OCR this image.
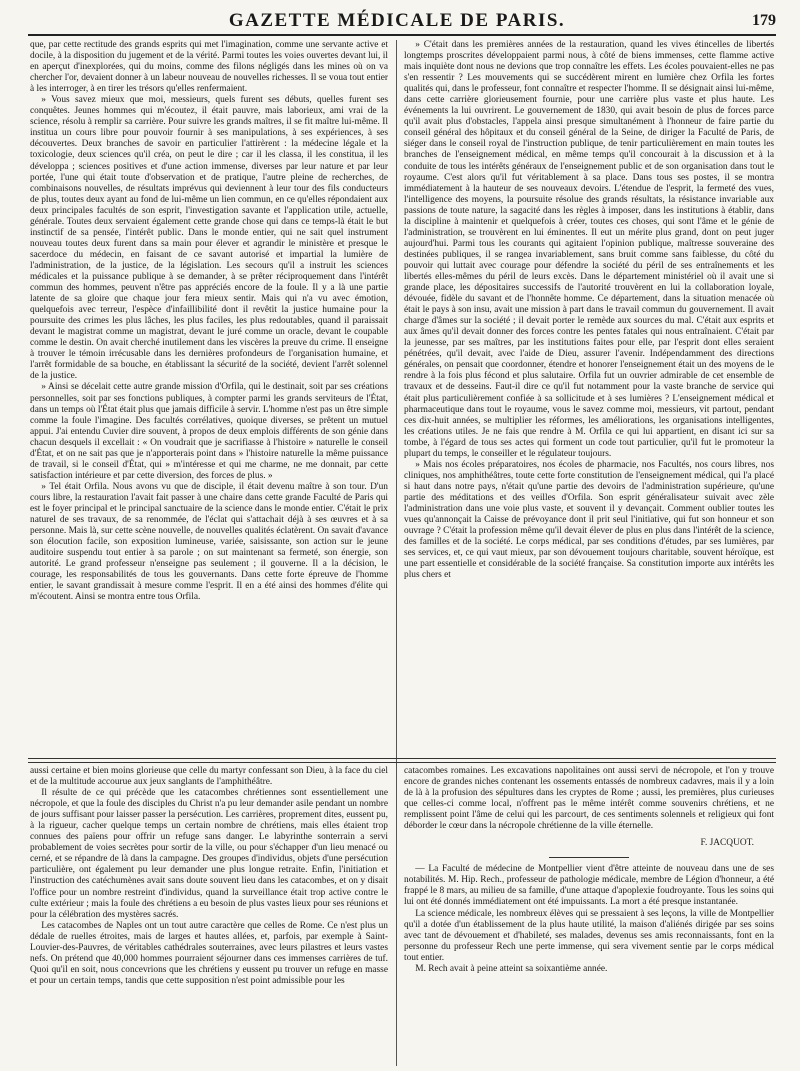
GAZETTE MÉDICALE DE PARIS.	179

que, par cette rectitude des grands esprits qui met l'imagination, comme une servante active et docile, à la disposition du jugement et de la vérité. Parmi toutes les voies ouvertes devant lui, il en aperçut d'inexplorées, qui du moins, comme des filons négligés dans les mines où on va chercher l'or, devaient donner à un labeur nouveau de nouvelles richesses. Il se voua tout entier à les interroger, à en tirer les trésors qu'elles renfermaient.

» Vous savez mieux que moi, messieurs, quels furent ses débuts, quelles furent ses conquêtes. Jeunes hommes qui m'écoutez, il était pauvre, mais laborieux, ami vrai de la science, résolu à remplir sa carrière. Pour suivre les grands maîtres, il se fit maître lui-même. Il institua un cours libre pour pouvoir fournir à ses manipulations, à ses expériences, à ses découvertes. Deux branches de savoir en particulier l'attirèrent : la médecine légale et la toxicologie, deux sciences qu'il créa, on peut le dire ; car il les classa, il les constitua, il les développa ; sciences positives et d'une action immense, diverses par leur nature et par leur portée, l'une qui était toute d'observation et de pratique, l'autre pleine de recherches, de combinaisons nouvelles, de résultats imprévus qui deviennent à leur tour des fils conducteurs de plus, toutes deux ayant au fond de lui-même un lien commun, en ce qu'elles répondaient aux deux principales facultés de son esprit, l'investigation savante et l'application utile, actuelle, générale. Toutes deux servaient également cette grande chose qui dans ce temps-là était le but instinctif de sa pensée, l'intérêt public. Dans le monde entier, qui ne sait quel instrument nouveau toutes deux furent dans sa main pour élever et agrandir le ministère et presque le sacerdoce du médecin, en faisant de ce savant autorisé et impartial la lumière de l'administration, de la justice, de la législation. Les secours qu'il a instruit les sciences médicales et la puissance publique à se demander, à se prêter réciproquement dans l'intérêt commun des hommes, peuvent n'être pas appréciés encore de la foule. Il y a là une partie latente de sa gloire que chaque jour fera mieux sentir. Mais qui n'a vu avec émotion, quelquefois avec terreur, l'espèce d'infaillibilité dont il revêtit la justice humaine pour la poursuite des crimes les plus lâches, les plus faciles, les plus redoutables, quand il paraissait devant le magistrat comme un magistrat, devant le juré comme un oracle, devant le coupable comme le destin. On avait cherché inutilement dans les viscères la preuve du crime. Il enseigne à trouver le témoin irrécusable dans les dernières profondeurs de l'organisation humaine, et l'arrêt formidable de sa bouche, en établissant la sécurité de la société, devient l'arrêt solennel de la justice.

» Ainsi se décelait cette autre grande mission d'Orfila, qui le destinait, soit par ses créations personnelles, soit par ses fonctions publiques, à compter parmi les grands serviteurs de l'État, dans un temps où l'État était plus que jamais difficile à servir. L'homme n'est pas un être simple comme la foule l'imagine. Des facultés corrélatives, quoique diverses, se prêtent un mutuel appui. J'ai entendu Cuvier dire souvent, à propos de deux emplois différents de son génie dans chacun desquels il excellait : « On voudrait que je sacrifiasse à l'histoire » naturelle le conseil d'État, et on ne sait pas que je n'apporterais point dans » l'histoire naturelle la même puissance de travail, si le conseil d'État, qui » m'intéresse et qui me charme, ne me donnait, par cette satisfaction intérieure et par cette diversion, des forces de plus. »

» Tel était Orfila. Nous avons vu que de disciple, il était devenu maître à son tour. D'un cours libre, la restauration l'avait fait passer à une chaire dans cette grande Faculté de Paris qui est le foyer principal et le principal sanctuaire de la science dans le monde entier. C'était le prix naturel de ses travaux, de sa renommée, de l'éclat qui s'attachait déjà à ses œuvres et à sa personne. Mais là, sur cette scène nouvelle, de nouvelles qualités éclatèrent. On savait d'avance son élocution facile, son exposition lumineuse, variée, saisissante, son action sur le jeune auditoire suspendu tout entier à sa parole ; on sut maintenant sa fermeté, son énergie, son autorité. Le grand professeur n'enseigne pas seulement ; il gouverne. Il a la décision, le courage, les responsabilités de tous les gouvernants. Dans cette forte épreuve de l'homme entier, le savant grandissait à mesure comme l'esprit. Il en a été ainsi des hommes d'élite qui m'écoutent. Ainsi se montra entre tous Orfila.

» C'était dans les premières années de la restauration, quand les vives étincelles de libertés longtemps proscrites développaient parmi nous, à côté de biens immenses, cette flamme active mais inquiète dont nous ne devions que trop connaître les effets. Les écoles pouvaient-elles ne pas s'en ressentir ? Les mouvements qui se succédèrent mirent en lumière chez Orfila les fortes qualités qui, dans le professeur, font connaître et respecter l'homme. Il se désignait ainsi lui-même, dans cette carrière glorieusement fournie, pour une carrière plus vaste et plus haute. Les événements la lui ouvrirent. Le gouvernement de 1830, qui avait besoin de plus de forces parce qu'il avait plus d'obstacles, l'appela ainsi presque simultanément à l'honneur de faire partie du conseil général des hôpitaux et du conseil général de la Seine, de diriger la Faculté de Paris, de siéger dans le conseil royal de l'instruction publique, de tenir particulièrement en main toutes les branches de l'enseignement médical, en même temps qu'il concourait à la discussion et à la conduite de tous les intérêts généraux de l'enseignement public et de son organisation dans tout le royaume. C'est alors qu'il fut véritablement à sa place. Dans tous ses postes, il se montra immédiatement à la hauteur de ses nouveaux devoirs. L'étendue de l'esprit, la fermeté des vues, l'intelligence des moyens, la poursuite résolue des grands résultats, la résistance invariable aux passions de toute nature, la sagacité dans les règles à imposer, dans les institutions à établir, dans la discipline à maintenir et quelquefois à créer, toutes ces choses, qui sont l'âme et le génie de l'administration, se trouvèrent en lui éminentes. Il eut un mérite plus grand, dont on peut juger aujourd'hui. Parmi tous les courants qui agitaient l'opinion publique, maîtresse souveraine des destinées publiques, il se rangea invariablement, sans bruit comme sans faiblesse, du côté du pouvoir qui luttait avec courage pour défendre la société du péril de ses entraînements et les libertés elles-mêmes du péril de leurs excès. Dans le département ministériel où il avait une si grande place, les dépositaires successifs de l'autorité trouvèrent en lui la collaboration loyale, dévouée, fidèle du savant et de l'honnête homme. Ce département, dans la situation menacée où était le pays à son insu, avait une mission à part dans le travail commun du gouvernement. Il avait charge d'âmes sur la société ; il devait porter le remède aux sources du mal. C'était aux esprits et aux âmes qu'il devait donner des forces contre les pentes fatales qui nous entraînaient. C'était par la jeunesse, par ses maîtres, par les institutions faites pour elle, par l'esprit dont elles seraient pénétrées, qu'il devait, avec l'aide de Dieu, assurer l'avenir. Indépendamment des directions générales, on pensait que coordonner, étendre et honorer l'enseignement était un des moyens de le rendre à la fois plus fécond et plus salutaire. Orfila fut un ouvrier admirable de cet ensemble de travaux et de desseins. Faut-il dire ce qu'il fut notamment pour la vaste branche de service qui était plus particulièrement confiée à sa sollicitude et à ses lumières ? L'enseignement médical et pharmaceutique dans tout le royaume, vous le savez comme moi, messieurs, vit partout, pendant ces dix-huit années, se multiplier les réformes, les améliorations, les organisations intelligentes, les créations utiles. Je ne fais que rendre à M. Orfila ce qui lui appartient, en disant ici sur sa tombe, à l'égard de tous ses actes qui forment un code tout particulier, qu'il fut le promoteur la plupart du temps, le conseiller et le régulateur toujours.

» Mais nos écoles préparatoires, nos écoles de pharmacie, nos Facultés, nos cours libres, nos cliniques, nos amphithéâtres, toute cette forte constitution de l'enseignement médical, qui l'a placé si haut dans notre pays, n'était qu'une partie des devoirs de l'administration supérieure, qu'une partie des méditations et des veilles d'Orfila. Son esprit généralisateur suivait avec zèle l'administration dans une voie plus vaste, et souvent il y devançait. Comment oublier toutes les vues qu'annonçait la Caisse de prévoyance dont il prit seul l'initiative, qui fut son honneur et son ouvrage ? C'était la profession même qu'il devait élever de plus en plus dans l'intérêt de la science, des familles et de la société. Le corps médical, par ses conditions d'études, par ses lumières, par ses services, et, ce qui vaut mieux, par son dévouement toujours charitable, souvent héroïque, est une part essentielle et considérable de la société française. Sa constitution importe aux intérêts les plus chers et

aussi certaine et bien moins glorieuse que celle du martyr confessant son Dieu, à la face du ciel et de la multitude accourue aux jeux sanglants de l'amphithéâtre.

Il résulte de ce qui précède que les catacombes chrétiennes sont essentiellement une nécropole, et que la foule des disciples du Christ n'a pu leur demander asile pendant un nombre de jours suffisant pour laisser passer la persécution. Les carrières, proprement dites, eussent pu, à la rigueur, cacher quelque temps un certain nombre de chrétiens, mais elles étaient trop connues des païens pour offrir un refuge sans danger. Le labyrinthe sonterrain a servi probablement de voies secrètes pour sortir de la ville, ou pour s'échapper d'un lieu menacé ou cerné, et se répandre de là dans la campagne. Des groupes d'individus, objets d'une persécution particulière, ont également pu leur demander une plus longue retraite. Enfin, l'initiation et l'instruction des catéchumènes avait sans doute souvent lieu dans les catacombes, et on y disait l'office pour un nombre restreint d'individus, quand la surveillance était trop active contre le culte extérieur ; mais la foule des chrétiens a eu besoin de plus vastes lieux pour ses réunions et pour la célébration des mystères sacrés.

Les catacombes de Naples ont un tout autre caractère que celles de Rome. Ce n'est plus un dédale de ruelles étroites, mais de larges et hautes allées, et, parfois, par exemple à Saint-Louvier-des-Pauvres, de véritables cathédrales souterraines, avec leurs pilastres et leurs vastes nefs. On prétend que 40,000 hommes pourraient séjourner dans ces immenses carrières de tuf. Quoi qu'il en soit, nous concevrions que les chrétiens y eussent pu trouver un refuge en masse et pour un certain temps, tandis que cette supposition n'est point admissible pour les

catacombes romaines. Les excavations napolitaines ont aussi servi de nécropole, et l'on y trouve encore de grandes niches contenant les ossements entassés de nombreux cadavres, mais il y a loin de là à la profusion des sépultures dans les cryptes de Rome ; aussi, les premières, plus curieuses que celles-ci comme local, n'offrent pas le même intérêt comme souvenirs chrétiens, et ne remplissent point l'âme de celui qui les parcourt, de ces sentiments solennels et religieux qui font déborder le cœur dans la nécropole chrétienne de la ville éternelle.

F. JACQUOT.

— La Faculté de médecine de Montpellier vient d'être atteinte de nouveau dans une de ses notabilités. M. Hip. Rech., professeur de pathologie médicale, membre de Légion d'honneur, a été frappé le 8 mars, au milieu de sa famille, d'une attaque d'apoplexie foudroyante. Tous les soins qui lui ont été donnés immédiatement ont été impuissants. La mort a été presque instantanée.

La science médicale, les nombreux élèves qui se pressaient à ses leçons, la ville de Montpellier qu'il a dotée d'un établissement de la plus haute utilité, la maison d'aliénés dirigée par ses soins avec tant de dévouement et d'habileté, ses malades, devenus ses amis reconnaissants, font en la personne du professeur Rech une perte immense, qui sera vivement sentie par le corps médical tout entier.

M. Rech avait à peine atteint sa soixantième année.
